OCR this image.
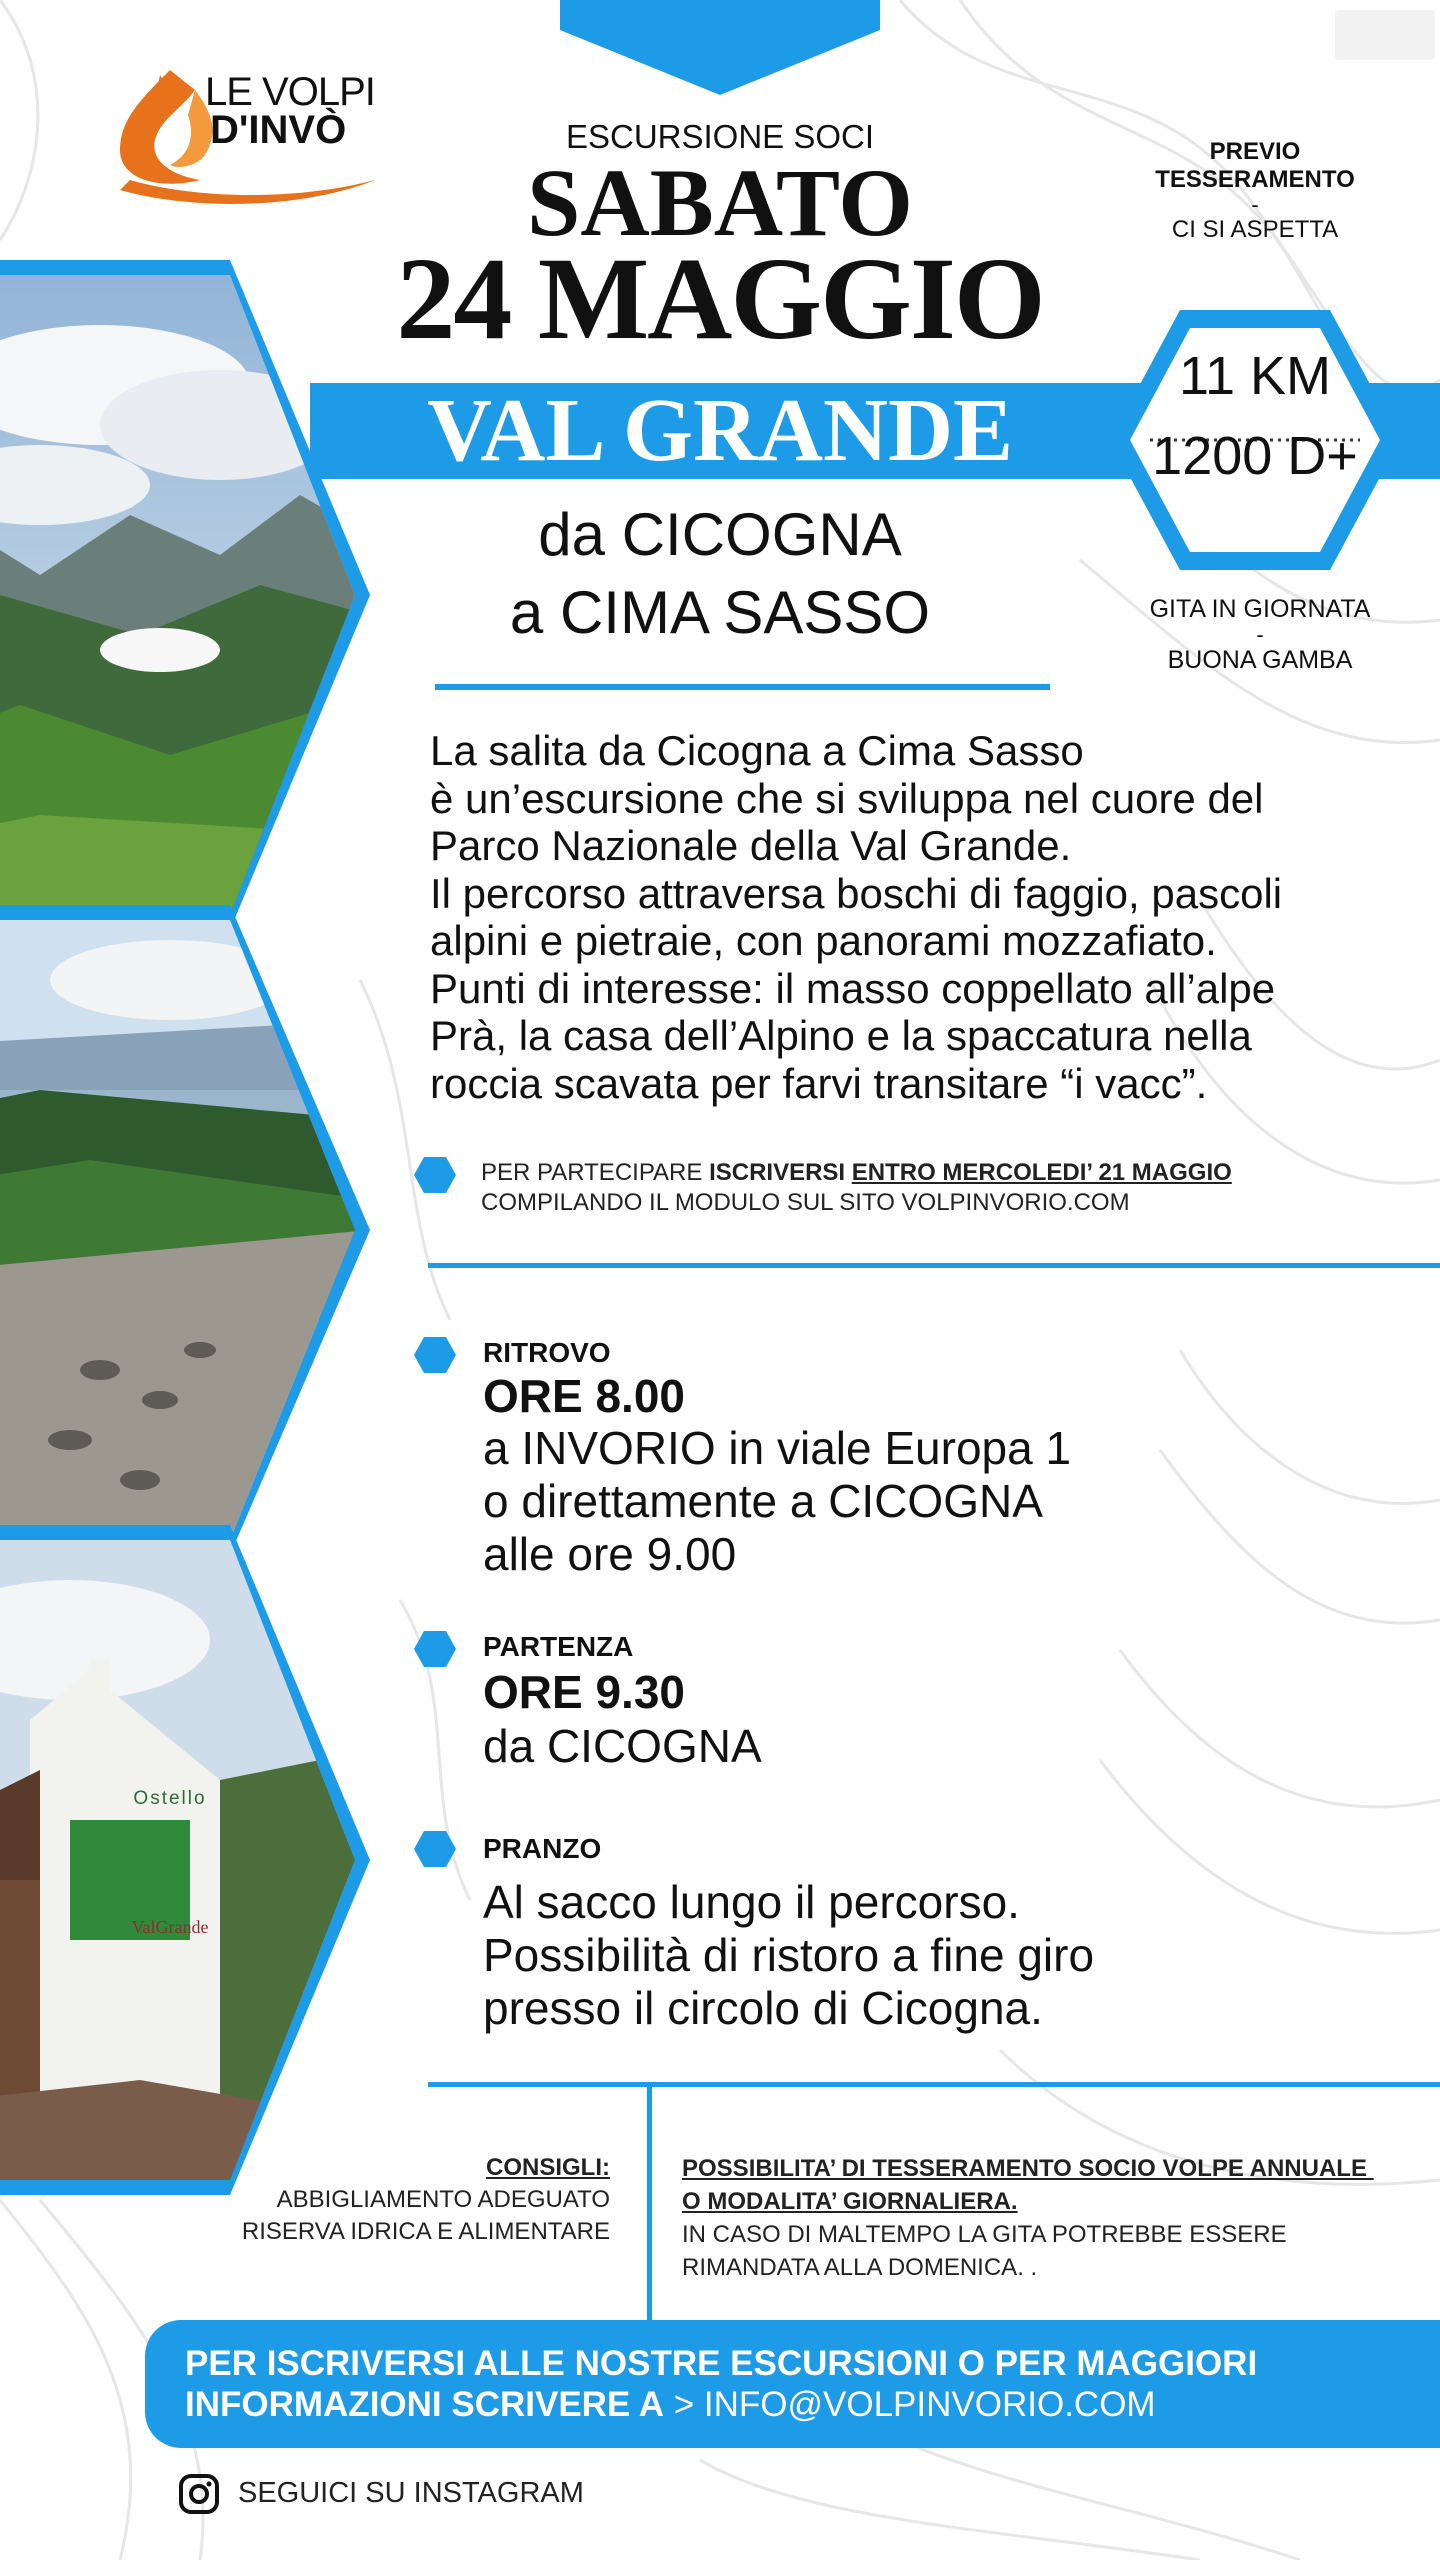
LE VOLPI
D'INVÒ	ESCURSIONE SOCI
SABATO
24 MAGGIO
VAL GRANDE
PREVIO
TESSERAMENTO
-
CI SI ASPETTA
11 KM
1200 D+
GITA IN GIORNATA
-
BUONA GAMBA
da CICOGNA
a CIMA SASSO
Ostello
ValGrande
La salita da Cicogna a Cima Sasso
è un’escursione che si sviluppa nel cuore del
Parco Nazionale della Val Grande.
Il percorso attraversa boschi di faggio, pascoli
alpini e pietraie, con panorami mozzafiato.
Punti di interesse: il masso coppellato all’alpe
Prà, la casa dell’Alpino e la spaccatura nella
roccia scavata per farvi transitare “i vacc”.
PER PARTECIPARE ISCRIVERSI ENTRO MERCOLEDI’ 21 MAGGIO
COMPILANDO IL MODULO SUL SITO VOLPINVORIO.COM
RITROVO
ORE 8.00
a INVORIO in viale Europa 1
o direttamente a CICOGNA
alle ore 9.00
PARTENZA
ORE 9.30
da CICOGNA
PRANZO
Al sacco lungo il percorso.
Possibilità di ristoro a fine giro
presso il circolo di Cicogna.
CONSIGLI:
ABBIGLIAMENTO ADEGUATO
RISERVA IDRICA E ALIMENTARE
POSSIBILITA’ DI TESSERAMENTO SOCIO VOLPE ANNUALE
O MODALITA’ GIORNALIERA.
IN CASO DI MALTEMPO LA GITA POTREBBE ESSERE
RIMANDATA ALLA DOMENICA. .
PER ISCRIVERSI ALLE NOSTRE ESCURSIONI O PER MAGGIORI
INFORMAZIONI SCRIVERE A > INFO@VOLPINVORIO.COM
SEGUICI SU INSTAGRAM
